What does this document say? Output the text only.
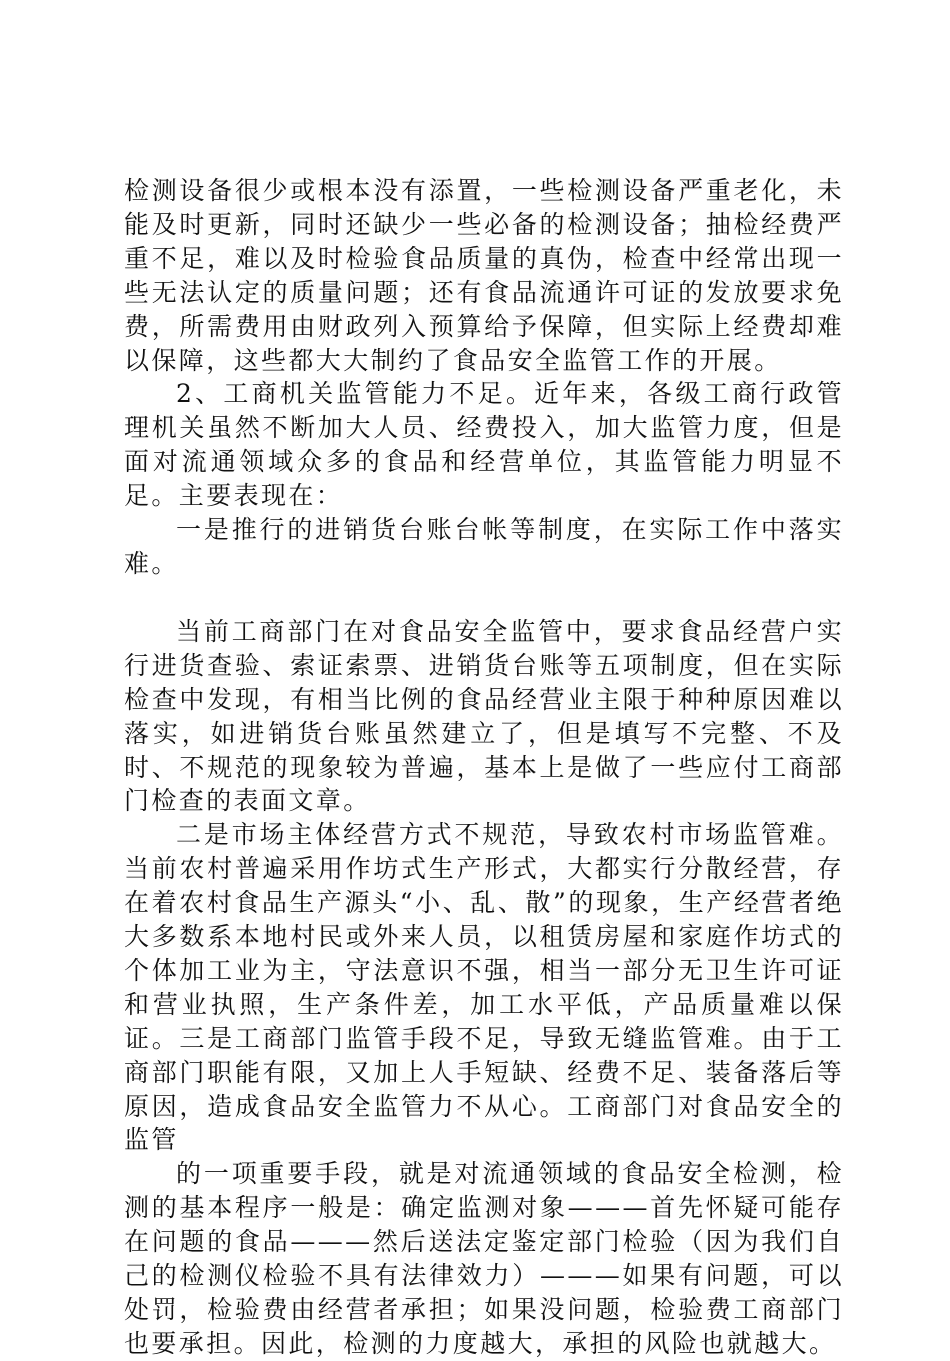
检测设备很少或根本没有添置，一些检测设备严重老化，未能及时更新，同时还缺少一些必备的检测设备；抽检经费严重不足，难以及时检验食品质量的真伪，检查中经常出现一些无法认定的质量问题；还有食品流通许可证的发放要求免费，所需费用由财政列入预算给予保障，但实际上经费却难以保障，这些都大大制约了食品安全监管工作的开展。

2、工商机关监管能力不足。近年来，各级工商行政管理机关虽然不断加大人员、经费投入，加大监管力度，但是面对流通领域众多的食品和经营单位，其监管能力明显不足。主要表现在：

一是推行的进销货台账台帐等制度，在实际工作中落实难。

当前工商部门在对食品安全监管中，要求食品经营户实行进货查验、索证索票、进销货台账等五项制度，但在实际检查中发现，有相当比例的食品经营业主限于种种原因难以落实，如进销货台账虽然建立了，但是填写不完整、不及时、不规范的现象较为普遍，基本上是做了一些应付工商部门检查的表面文章。

二是市场主体经营方式不规范，导致农村市场监管难。当前农村普遍采用作坊式生产形式，大都实行分散经营，存在着农村食品生产源头“小、乱、散”的现象，生产经营者绝大多数系本地村民或外来人员，以租赁房屋和家庭作坊式的个体加工业为主，守法意识不强，相当一部分无卫生许可证和营业执照，生产条件差，加工水平低，产品质量难以保证。三是工商部门监管手段不足，导致无缝监管难。由于工商部门职能有限，又加上人手短缺、经费不足、装备落后等原因，造成食品安全监管力不从心。工商部门对食品安全的监管

的一项重要手段，就是对流通领域的食品安全检测，检测的基本程序一般是：确定监测对象———首先怀疑可能存在问题的食品———然后送法定鉴定部门检验（因为我们自己的检测仪检验不具有法律效力）———如果有问题，可以处罚，检验费由经营者承担；如果没问题，检验费工商部门也要承担。因此，检测的力度越大，承担的风险也就越大。
